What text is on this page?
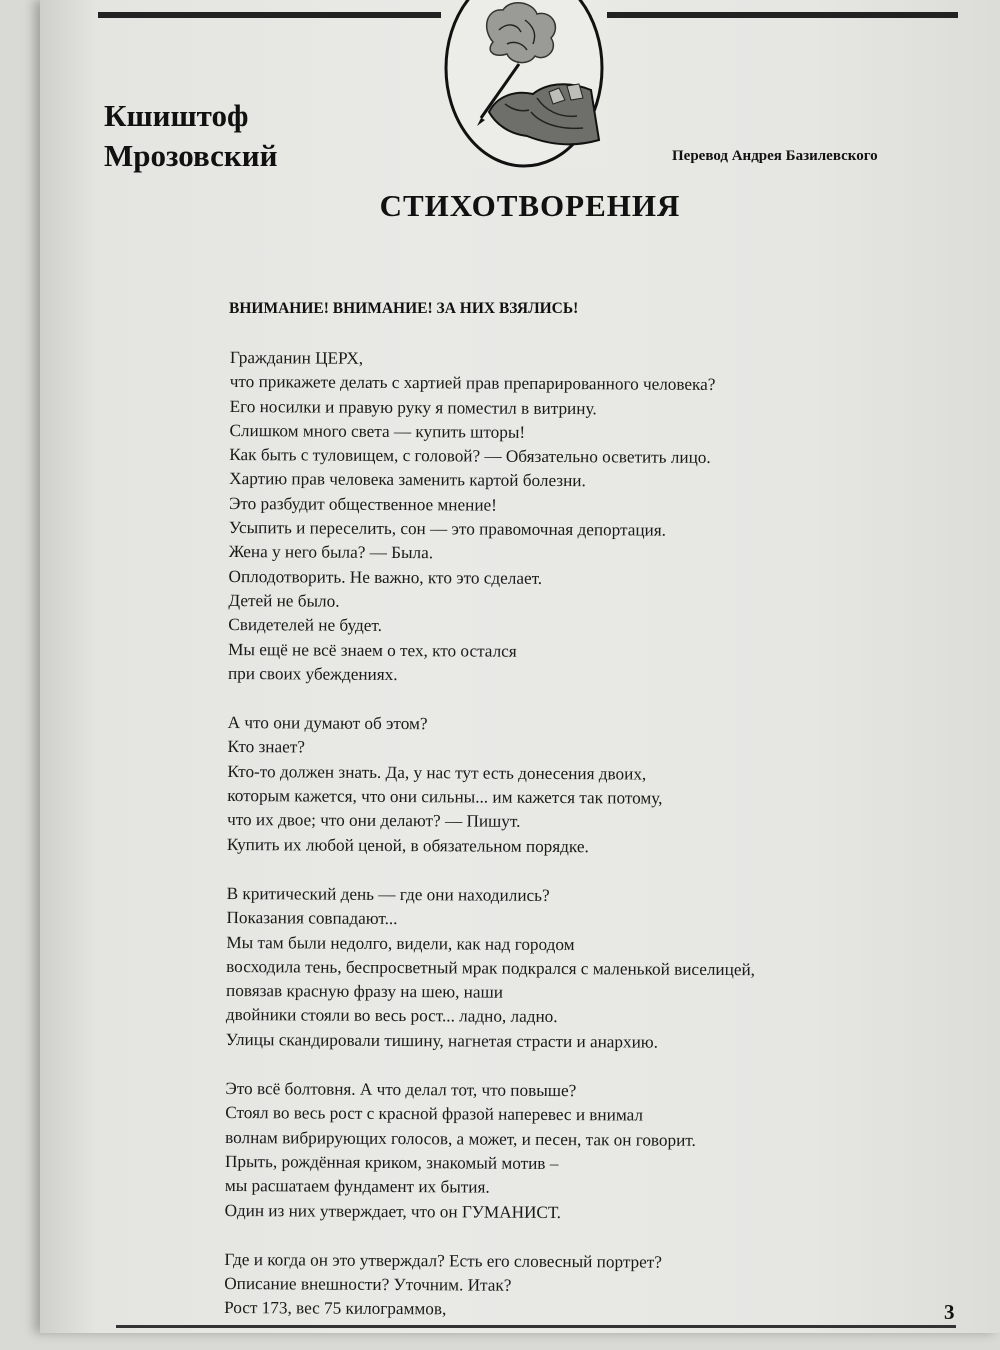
Кшиштоф
Мрозовский	Перевод Андрея Базилевского
СТИХОТВОРЕНИЯ
ВНИМАНИЕ! ВНИМАНИЕ! ЗА НИХ ВЗЯЛИСЬ!

Гражданин ЦЕРХ,
что прикажете делать с хартией прав препарированного человека?
Его носилки и правую руку я поместил в витрину.
Слишком много света — купить шторы!
Как быть с туловищем, с головой? — Обязательно осветить лицо.
Хартию прав человека заменить картой болезни.
Это разбудит общественное мнение!
Усыпить и переселить, сон — это правомочная депортация.
Жена у него была? — Была.
Оплодотворить. Не важно, кто это сделает.
Детей не было.
Свидетелей не будет.
Мы ещё не всё знаем о тех, кто остался
при своих убеждениях.

А что они думают об этом?
Кто знает?
Кто-то должен знать. Да, у нас тут есть донесения двоих,
которым кажется, что они сильны... им кажется так потому,
что их двое; что они делают? — Пишут.
Купить их любой ценой, в обязательном порядке.

В критический день — где они находились?
Показания совпадают...
Мы там были недолго, видели, как над городом
восходила тень, беспросветный мрак подкрался с маленькой виселицей,
повязав красную фразу на шею, наши
двойники стояли во весь рост... ладно, ладно.
Улицы скандировали тишину, нагнетая страсти и анархию.

Это всё болтовня. А что делал тот, что повыше?
Стоял во весь рост с красной фразой наперевес и внимал
волнам вибрирующих голосов, а может, и песен, так он говорит.
Прыть, рождённая криком, знакомый мотив –
мы расшатаем фундамент их бытия.
Один из них утверждает, что он ГУМАНИСТ.

Где и когда он это утверждал? Есть его словесный портрет?
Описание внешности? Уточним. Итак?
Рост 173, вес 75 килограммов,	3
